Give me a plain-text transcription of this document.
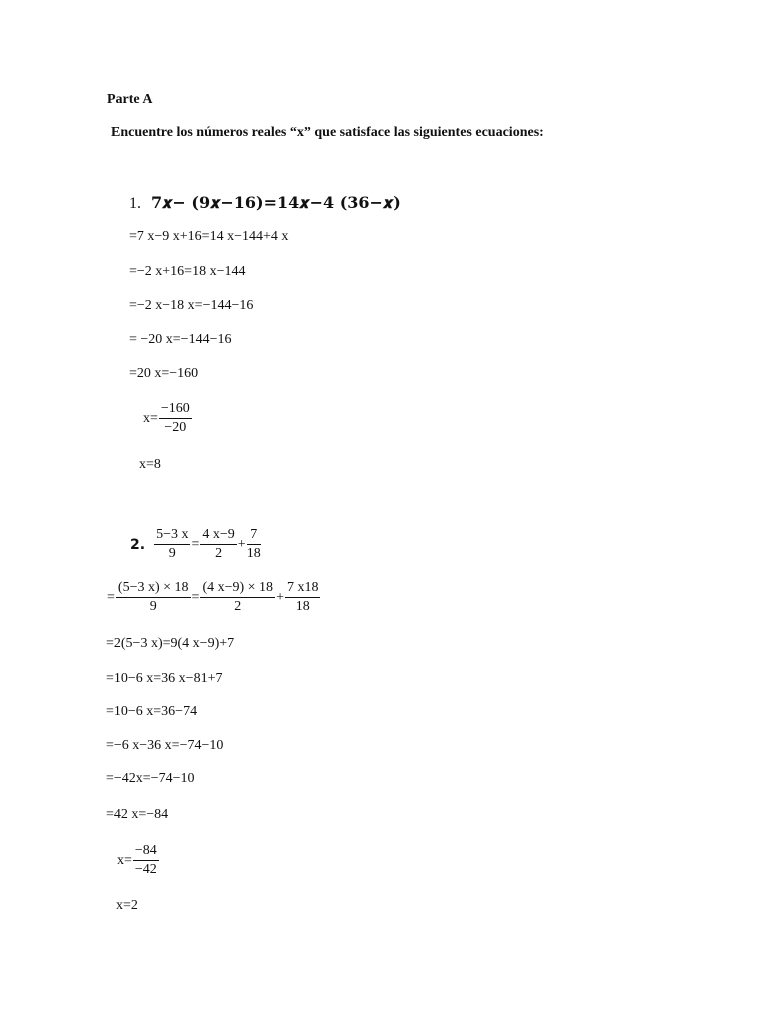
Parte A
Encuentre los números reales “x” que satisface las siguientes ecuaciones:
1. 7𝒙− (9𝒙−16)=14𝒙−4 (36−𝒙)
=7 x−9 x+16=14 x−144+4 x
=−2 x+16=18 x−144
=−2 x−18 x=−144−16
= −20 x=−144−16
=20 x=−160
$x= \frac{-160}{-20}$
x=8
2. $\frac{5-3 x}{9} = \frac{4 x-9}{2} + \frac{7}{18}$
= $\frac{(5-3 x) \times 18}{9} = \frac{(4 x-9) \times 18}{2} + \frac{7 x18}{18}$
=2(5−3 x)=9(4 x−9)+7
=10−6 x=36 x−81+7
=10−6 x=36−74
=−6 x−36 x=−74−10
=−42x=−74−10
=42 x=−84
$x= \frac{-84}{-42}$
x=2
